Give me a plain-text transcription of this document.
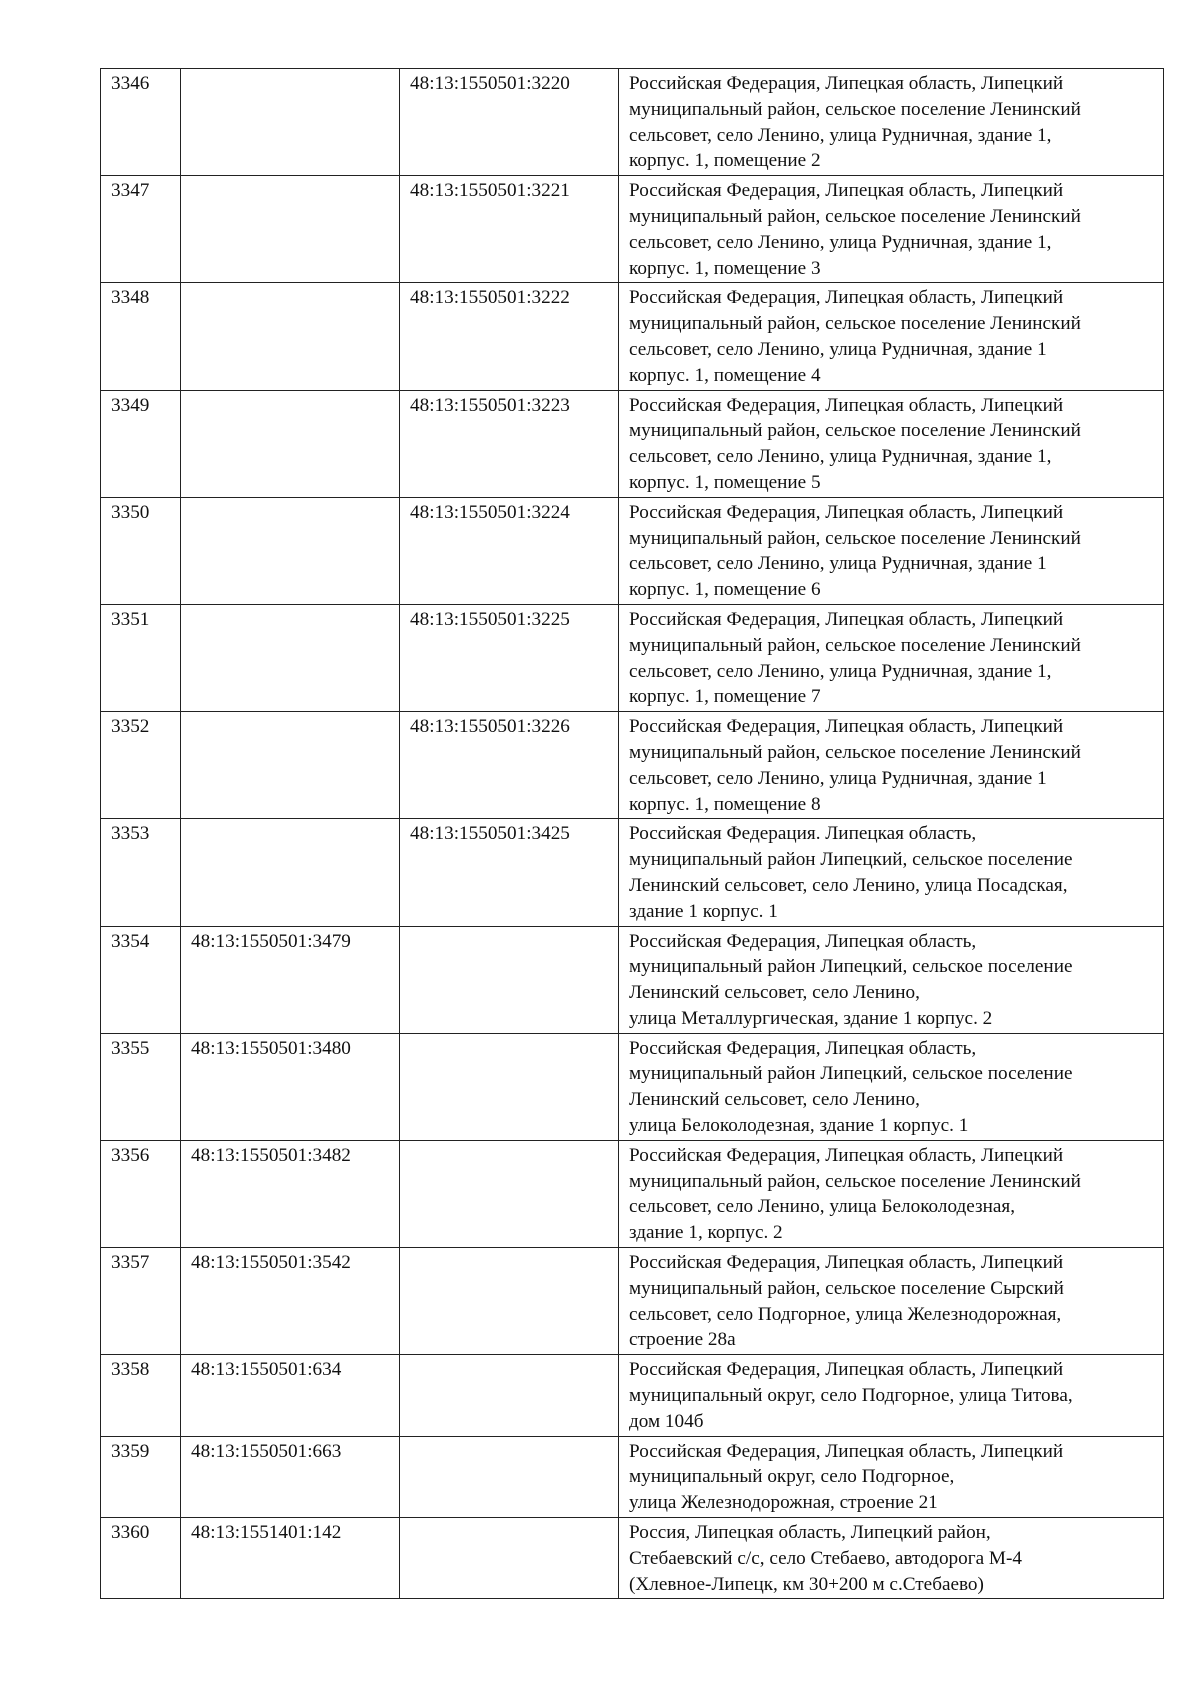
3346		48:13:1550501:3220	Российская Федерация, Липецкая область, Липецкий
муниципальный район, сельское поселение Ленинский
сельсовет, село Ленино, улица Рудничная, здание 1,
корпус. 1, помещение 2
3347		48:13:1550501:3221	Российская Федерация, Липецкая область, Липецкий
муниципальный район, сельское поселение Ленинский
сельсовет, село Ленино, улица Рудничная, здание 1,
корпус. 1, помещение 3
3348		48:13:1550501:3222	Российская Федерация, Липецкая область, Липецкий
муниципальный район, сельское поселение Ленинский
сельсовет, село Ленино, улица Рудничная, здание 1
корпус. 1, помещение 4
3349		48:13:1550501:3223	Российская Федерация, Липецкая область, Липецкий
муниципальный район, сельское поселение Ленинский
сельсовет, село Ленино, улица Рудничная, здание 1,
корпус. 1, помещение 5
3350		48:13:1550501:3224	Российская Федерация, Липецкая область, Липецкий
муниципальный район, сельское поселение Ленинский
сельсовет, село Ленино, улица Рудничная, здание 1
корпус. 1, помещение 6
3351		48:13:1550501:3225	Российская Федерация, Липецкая область, Липецкий
муниципальный район, сельское поселение Ленинский
сельсовет, село Ленино, улица Рудничная, здание 1,
корпус. 1, помещение 7
3352		48:13:1550501:3226	Российская Федерация, Липецкая область, Липецкий
муниципальный район, сельское поселение Ленинский
сельсовет, село Ленино, улица Рудничная, здание 1
корпус. 1, помещение 8
3353		48:13:1550501:3425	Российская Федерация. Липецкая область,
муниципальный район Липецкий, сельское поселение
Ленинский сельсовет, село Ленино, улица Посадская,
здание 1 корпус. 1
3354	48:13:1550501:3479		Российская Федерация, Липецкая область,
муниципальный район Липецкий, сельское поселение
Ленинский сельсовет, село Ленино,
улица Металлургическая, здание 1 корпус. 2
3355	48:13:1550501:3480		Российская Федерация, Липецкая область,
муниципальный район Липецкий, сельское поселение
Ленинский сельсовет, село Ленино,
улица Белоколодезная, здание 1 корпус. 1
3356	48:13:1550501:3482		Российская Федерация, Липецкая область, Липецкий
муниципальный район, сельское поселение Ленинский
сельсовет, село Ленино, улица Белоколодезная,
здание 1, корпус. 2
3357	48:13:1550501:3542		Российская Федерация, Липецкая область, Липецкий
муниципальный район, сельское поселение Сырский
сельсовет, село Подгорное, улица Железнодорожная,
строение 28а
3358	48:13:1550501:634		Российская Федерация, Липецкая область, Липецкий
муниципальный округ, село Подгорное, улица Титова,
дом 104б
3359	48:13:1550501:663		Российская Федерация, Липецкая область, Липецкий
муниципальный округ, село Подгорное,
улица Железнодорожная, строение 21
3360	48:13:1551401:142		Россия, Липецкая область, Липецкий район,
Стебаевский с/с, село Стебаево, автодорога М-4
(Хлевное-Липецк, км 30+200 м с.Стебаево)
